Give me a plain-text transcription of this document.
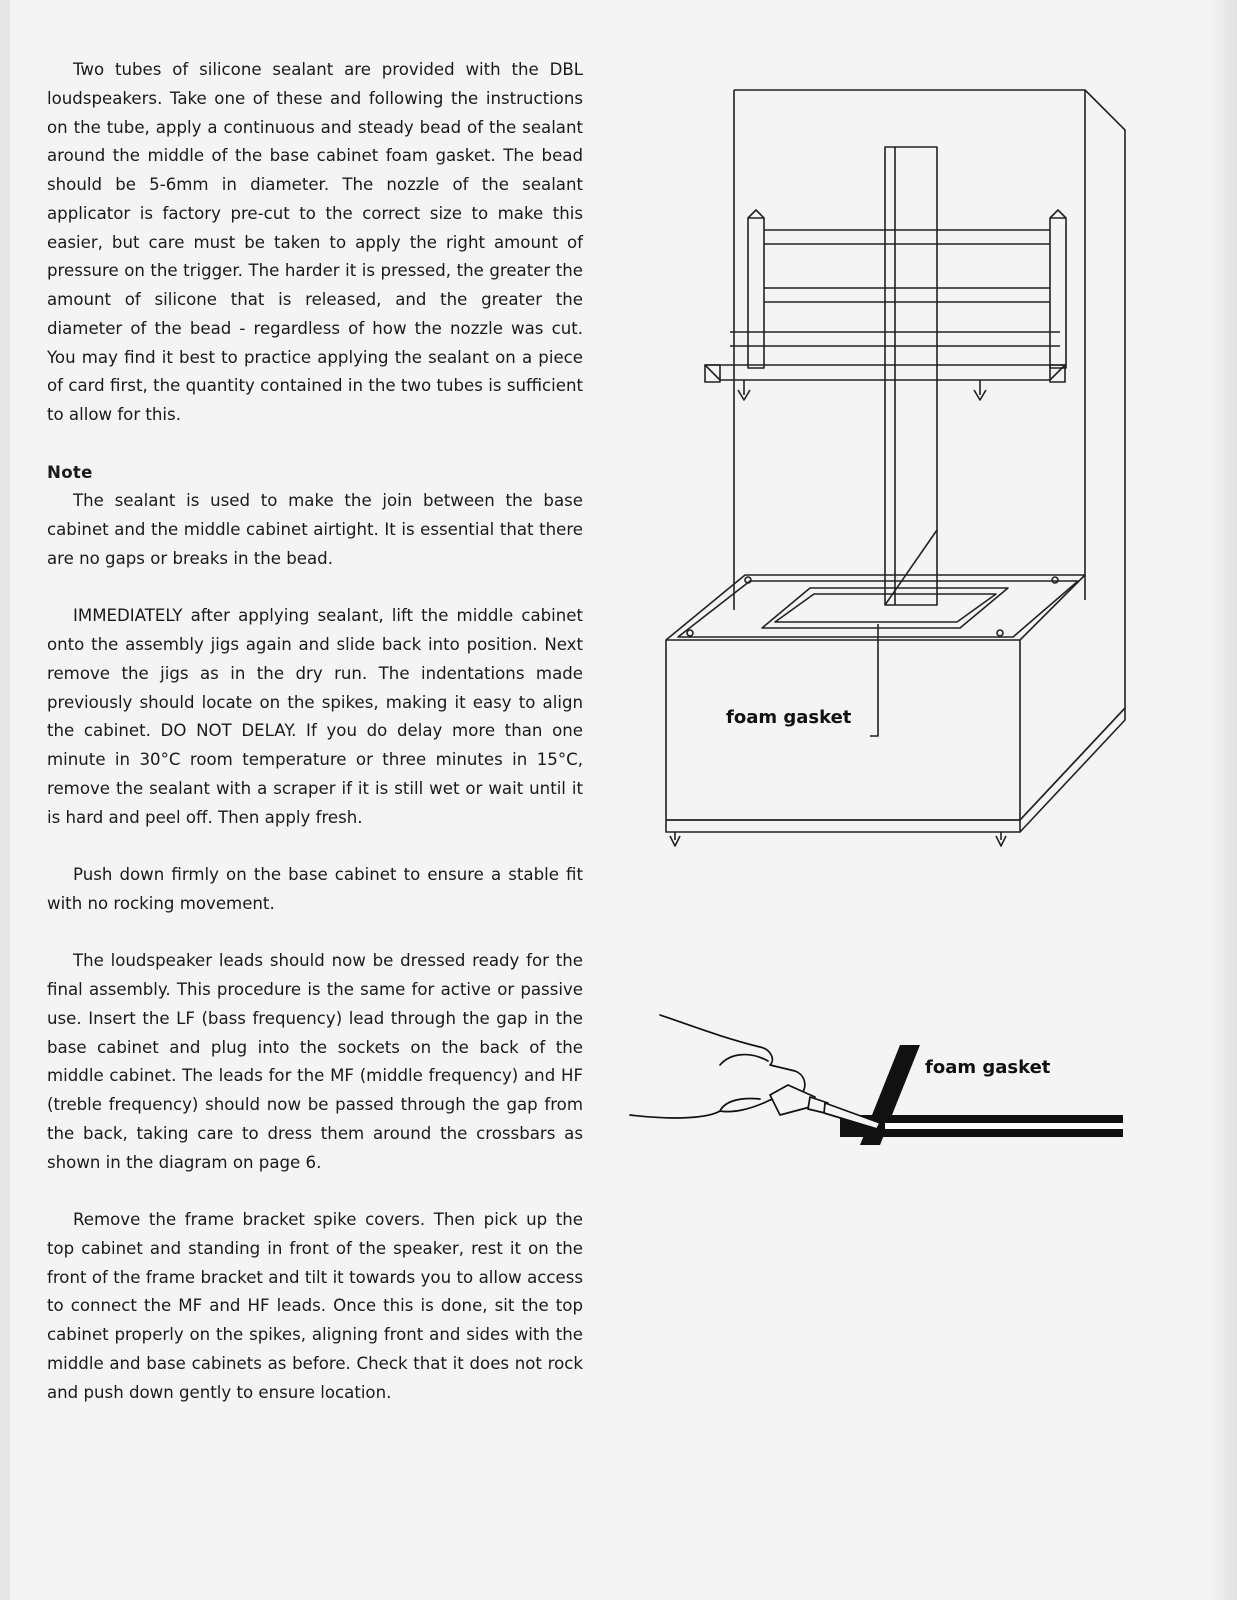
Two tubes of silicone sealant are provided with the DBL loudspeakers. Take one of these and following the instructions on the tube, apply a continuous and steady bead of the sealant around the middle of the base cabinet foam gasket. The bead should be 5-6mm in diameter. The nozzle of the sealant applicator is factory pre-cut to the correct size to make this easier, but care must be taken to apply the right amount of pressure on the trigger. The harder it is pressed, the greater the amount of silicone that is released, and the greater the diameter of the bead - regardless of how the nozzle was cut. You may find it best to practice applying the sealant on a piece of card first, the quantity contained in the two tubes is sufficient to allow for this.

Note

The sealant is used to make the join between the base cabinet and the middle cabinet airtight. It is essential that there are no gaps or breaks in the bead.

IMMEDIATELY after applying sealant, lift the middle cabinet onto the assembly jigs again and slide back into position. Next remove the jigs as in the dry run. The indentations made previously should locate on the spikes, making it easy to align the cabinet. DO NOT DELAY. If you do delay more than one minute in 30°C room temperature or three minutes in 15°C, remove the sealant with a scraper if it is still wet or wait until it is hard and peel off. Then apply fresh.

Push down firmly on the base cabinet to ensure a stable fit with no rocking movement.

The loudspeaker leads should now be dressed ready for the final assembly. This procedure is the same for active or passive use. Insert the LF (bass frequency) lead through the gap in the base cabinet and plug into the sockets on the back of the middle cabinet. The leads for the MF (middle frequency) and HF (treble frequency) should now be passed through the gap from the back, taking care to dress them around the crossbars as shown in the diagram on page 6.

Remove the frame bracket spike covers. Then pick up the top cabinet and standing in front of the speaker, rest it on the front of the frame bracket and tilt it towards you to allow access to connect the MF and HF leads. Once this is done, sit the top cabinet properly on the spikes, aligning front and sides with the middle and base cabinets as before. Check that it does not rock and push down gently to ensure location.

foam gasket
foam gasket
